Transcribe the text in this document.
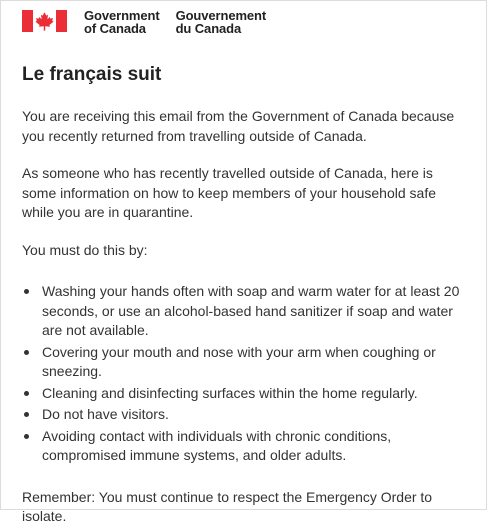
Government
of Canada
Gouvernement
du Canada
Le français suit

You are receiving this email from the Government of Canada because you recently returned from travelling outside of Canada.

As someone who has recently travelled outside of Canada, here is some information on how to keep members of your household safe while you are in quarantine.

You must do this by:

Washing your hands often with soap and warm water for at least 20 seconds, or use an alcohol-based hand sanitizer if soap and water are not available.
Covering your mouth and nose with your arm when coughing or sneezing.
Cleaning and disinfecting surfaces within the home regularly.
Do not have visitors.
Avoiding contact with individuals with chronic conditions, compromised immune systems, and older adults.

Remember: You must continue to respect the Emergency Order to isolate.
